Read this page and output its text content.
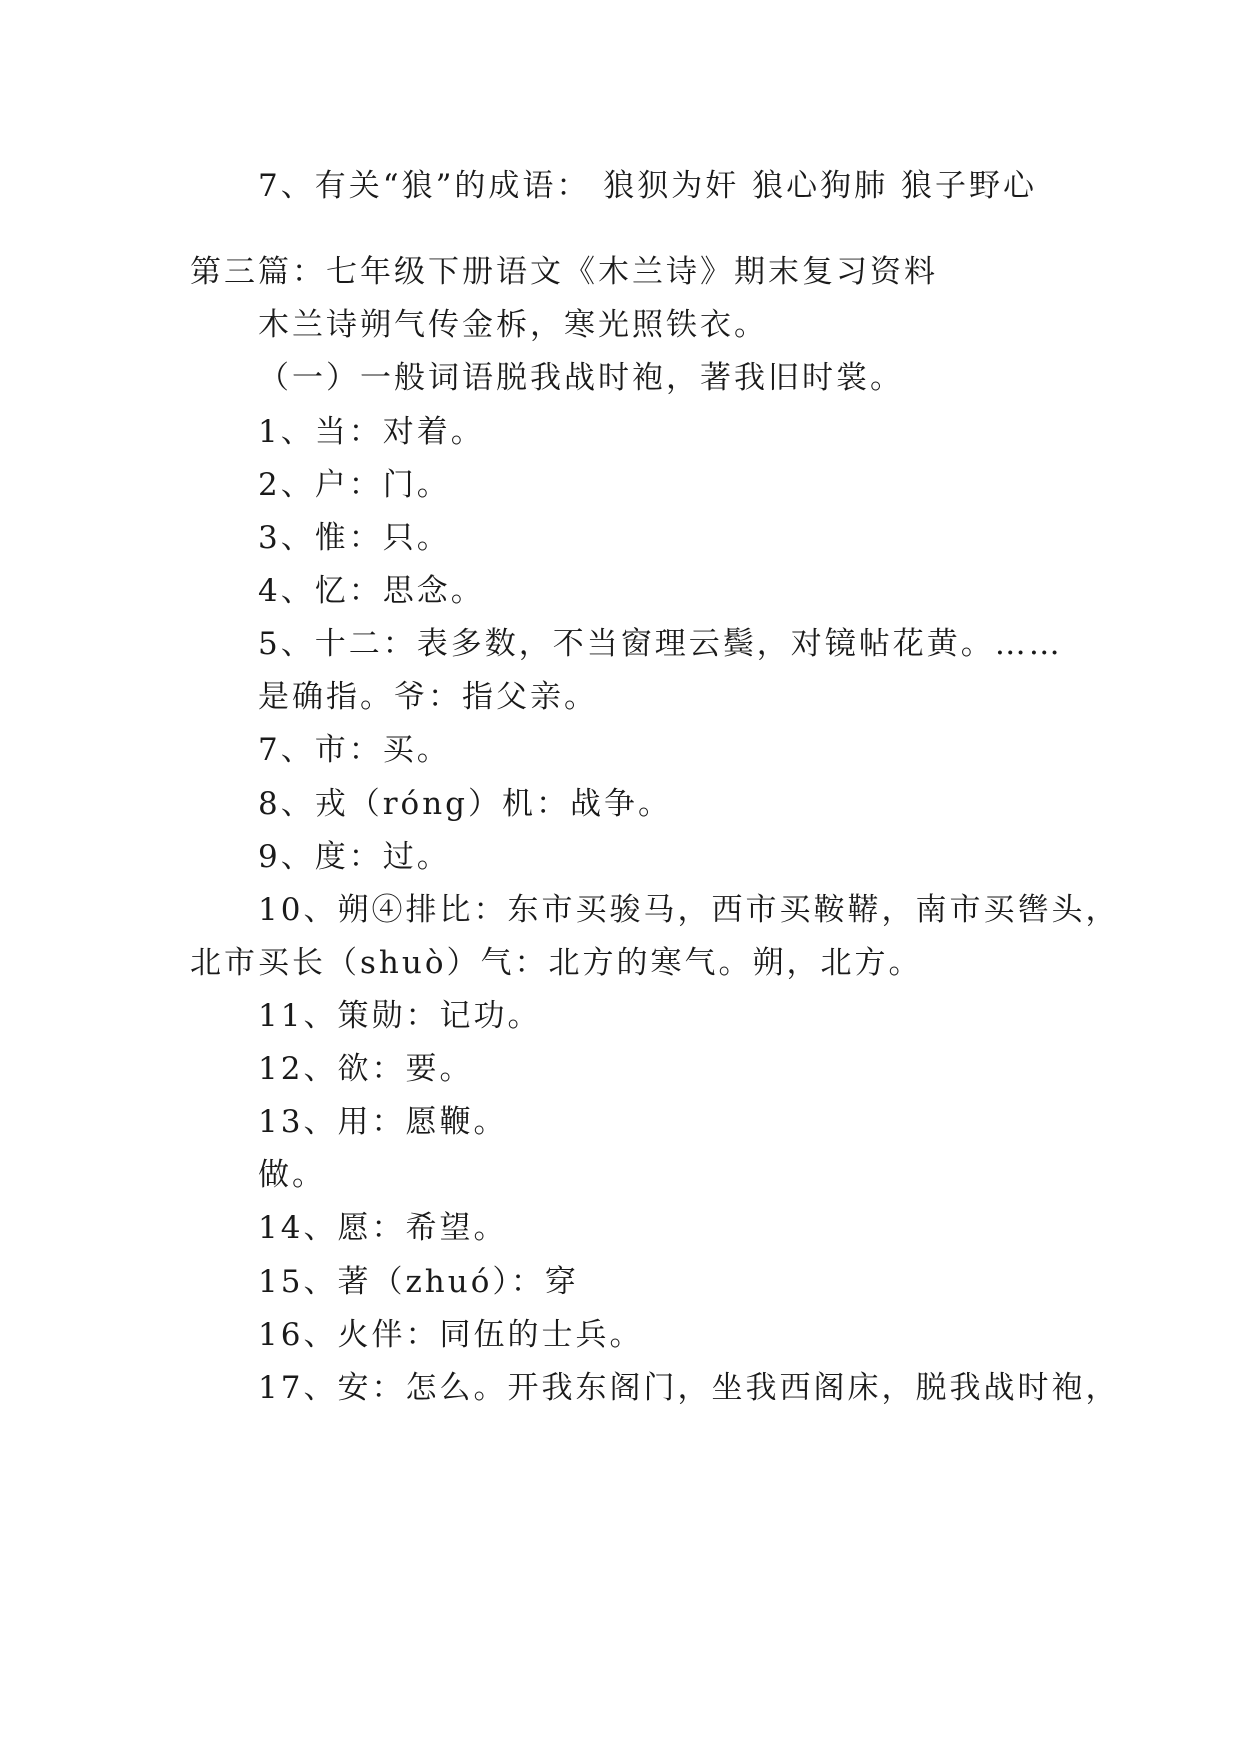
7、有关“狼”的成语： 狼狈为奸 狼心狗肺 狼子野心
第三篇：七年级下册语文《木兰诗》期末复习资料
木兰诗朔气传金柝，寒光照铁衣。
（一）一般词语脱我战时袍，著我旧时裳。
1、当：对着。
2、户：门。
3、惟：只。
4、忆：思念。
5、十二：表多数，不当窗理云鬓，对镜帖花黄。……
是确指。爷：指父亲。
7、市：买。
8、戎（róng）机：战争。
9、度：过。
10、朔④排比：东市买骏马，西市买鞍鞯，南市买辔头，
北市买长（shuò）气：北方的寒气。朔，北方。
11、策勋：记功。
12、欲：要。
13、用：愿鞭。
做。
14、愿：希望。
15、著（zhuó）：穿
16、火伴：同伍的士兵。
17、安：怎么。开我东阁门，坐我西阁床，脱我战时袍，
